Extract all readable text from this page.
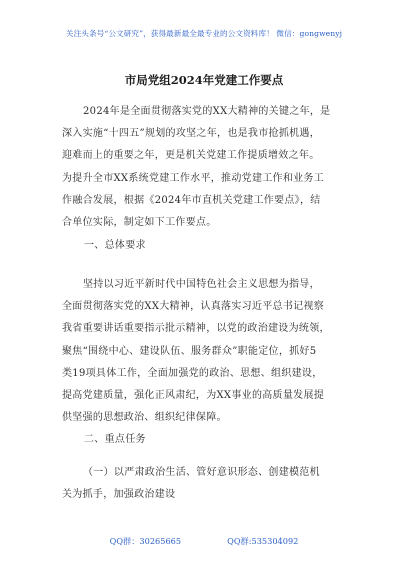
关注头条号“公文研究”，获得最新最全最专业的公文资料库！ 微信：gongwenyj
市局党组2024年党建工作要点
2024年是全面贯彻落实党的XX大精神的关键之年，是
深入实施“十四五”规划的攻坚之年，也是我市抢抓机遇，
迎难而上的重要之年，更是机关党建工作提质增效之年。
为提升全市XX系统党建工作水平，推动党建工作和业务工
作融合发展，根据《2024年市直机关党建工作要点》，结
合单位实际，制定如下工作要点。
一、总体要求
坚持以习近平新时代中国特色社会主义思想为指导，
全面贯彻落实党的XX大精神，认真落实习近平总书记视察
我省重要讲话重要指示批示精神，以党的政治建设为统领，
聚焦“围绕中心、建设队伍、服务群众”职能定位，抓好5
类19项具体工作，全面加强党的政治、思想、组织建设，
提高党建质量，强化正风肃纪，为XX事业的高质量发展提
供坚强的思想政治、组织纪律保障。
二、重点任务
（一）以严肃政治生活、管好意识形态、创建模范机
关为抓手，加强政治建设
QQ群：30265665	QQ群:535304092
